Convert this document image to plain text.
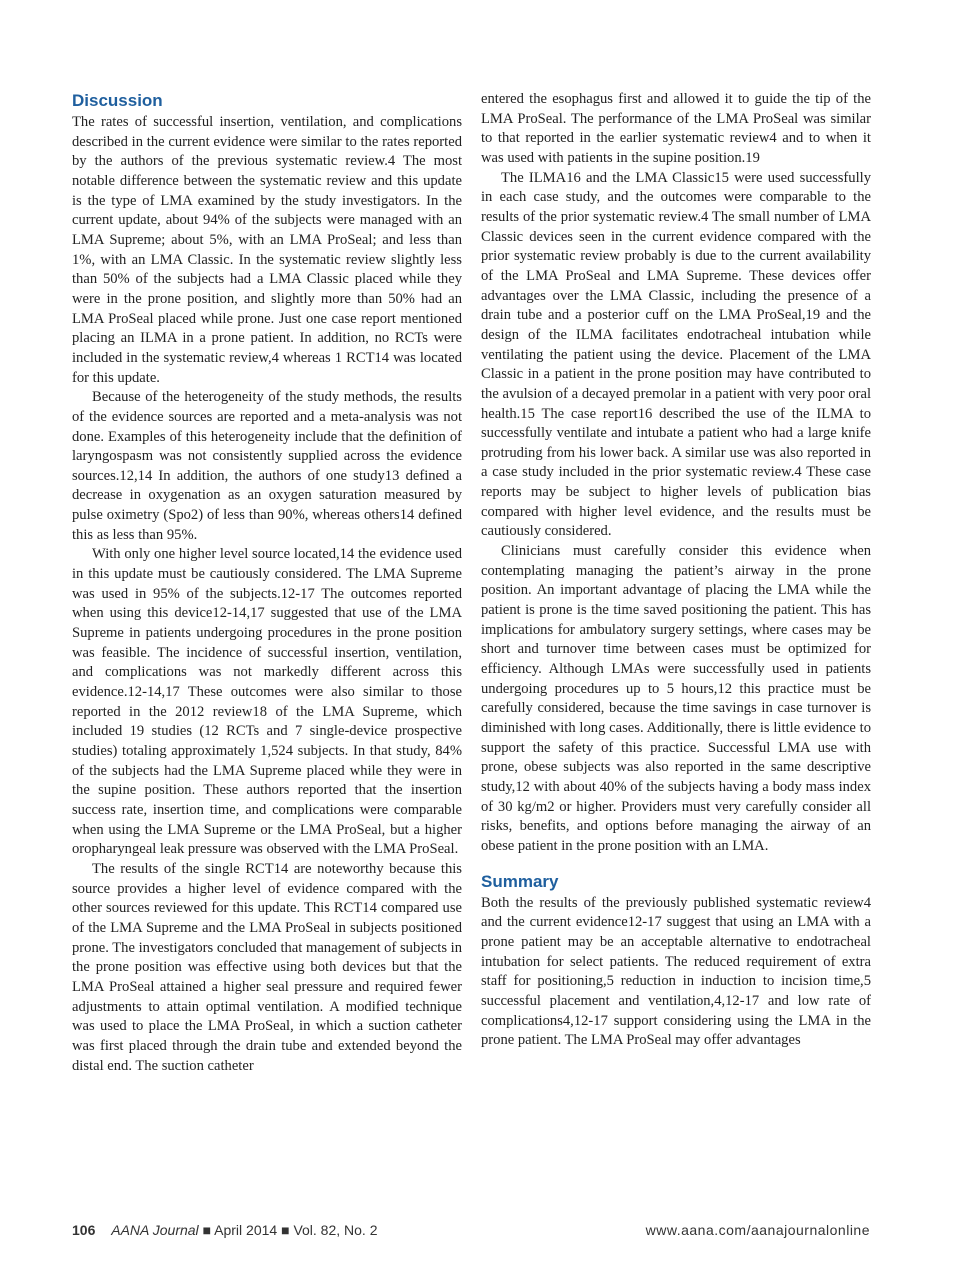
Discussion

The rates of successful insertion, ventilation, and complications described in the current evidence were similar to the rates reported by the authors of the previous systematic review.4 The most notable difference between the systematic review and this update is the type of LMA examined by the study investigators. In the current update, about 94% of the subjects were managed with an LMA Supreme; about 5%, with an LMA ProSeal; and less than 1%, with an LMA Classic. In the systematic review slightly less than 50% of the subjects had a LMA Classic placed while they were in the prone position, and slightly more than 50% had an LMA ProSeal placed while prone. Just one case report mentioned placing an ILMA in a prone patient. In addition, no RCTs were included in the systematic review,4 whereas 1 RCT14 was located for this update.

Because of the heterogeneity of the study methods, the results of the evidence sources are reported and a meta-analysis was not done. Examples of this heterogeneity include that the definition of laryngospasm was not consistently supplied across the evidence sources.12,14 In addition, the authors of one study13 defined a decrease in oxygenation as an oxygen saturation measured by pulse oximetry (Spo2) of less than 90%, whereas others14 defined this as less than 95%.

With only one higher level source located,14 the evidence used in this update must be cautiously considered. The LMA Supreme was used in 95% of the subjects.12-17 The outcomes reported when using this device12-14,17 suggested that use of the LMA Supreme in patients undergoing procedures in the prone position was feasible. The incidence of successful insertion, ventilation, and complications was not markedly different across this evidence.12-14,17 These outcomes were also similar to those reported in the 2012 review18 of the LMA Supreme, which included 19 studies (12 RCTs and 7 single-device prospective studies) totaling approximately 1,524 subjects. In that study, 84% of the subjects had the LMA Supreme placed while they were in the supine position. These authors reported that the insertion success rate, insertion time, and complications were comparable when using the LMA Supreme or the LMA ProSeal, but a higher oropharyngeal leak pressure was observed with the LMA ProSeal.

The results of the single RCT14 are noteworthy because this source provides a higher level of evidence compared with the other sources reviewed for this update. This RCT14 compared use of the LMA Supreme and the LMA ProSeal in subjects positioned prone. The investigators concluded that management of subjects in the prone position was effective using both devices but that the LMA ProSeal attained a higher seal pressure and required fewer adjustments to attain optimal ventilation. A modified technique was used to place the LMA ProSeal, in which a suction catheter was first placed through the drain tube and extended beyond the distal end. The suction catheter

entered the esophagus first and allowed it to guide the tip of the LMA ProSeal. The performance of the LMA ProSeal was similar to that reported in the earlier systematic review4 and to when it was used with patients in the supine position.19

The ILMA16 and the LMA Classic15 were used successfully in each case study, and the outcomes were comparable to the results of the prior systematic review.4 The small number of LMA Classic devices seen in the current evidence compared with the prior systematic review probably is due to the current availability of the LMA ProSeal and LMA Supreme. These devices offer advantages over the LMA Classic, including the presence of a drain tube and a posterior cuff on the LMA ProSeal,19 and the design of the ILMA facilitates endotracheal intubation while ventilating the patient using the device. Placement of the LMA Classic in a patient in the prone position may have contributed to the avulsion of a decayed premolar in a patient with very poor oral health.15 The case report16 described the use of the ILMA to successfully ventilate and intubate a patient who had a large knife protruding from his lower back. A similar use was also reported in a case study included in the prior systematic review.4 These case reports may be subject to higher levels of publication bias compared with higher level evidence, and the results must be cautiously considered.

Clinicians must carefully consider this evidence when contemplating managing the patient’s airway in the prone position. An important advantage of placing the LMA while the patient is prone is the time saved positioning the patient. This has implications for ambulatory surgery settings, where cases may be short and turnover time between cases must be optimized for efficiency. Although LMAs were successfully used in patients undergoing procedures up to 5 hours,12 this practice must be carefully considered, because the time savings in case turnover is diminished with long cases. Additionally, there is little evidence to support the safety of this practice. Successful LMA use with prone, obese subjects was also reported in the same descriptive study,12 with about 40% of the subjects having a body mass index of 30 kg/m2 or higher. Providers must very carefully consider all risks, benefits, and options before managing the airway of an obese patient in the prone position with an LMA.

Summary

Both the results of the previously published systematic review4 and the current evidence12-17 suggest that using an LMA with a prone patient may be an acceptable alternative to endotracheal intubation for select patients. The reduced requirement of extra staff for positioning,5 reduction in induction to incision time,5 successful placement and ventilation,4,12-17 and low rate of complications4,12-17 support considering using the LMA in the prone patient. The LMA ProSeal may offer advantages

106 AANA Journal ■ April 2014 ■ Vol. 82, No. 2	www.aana.com/aanajournalonline
